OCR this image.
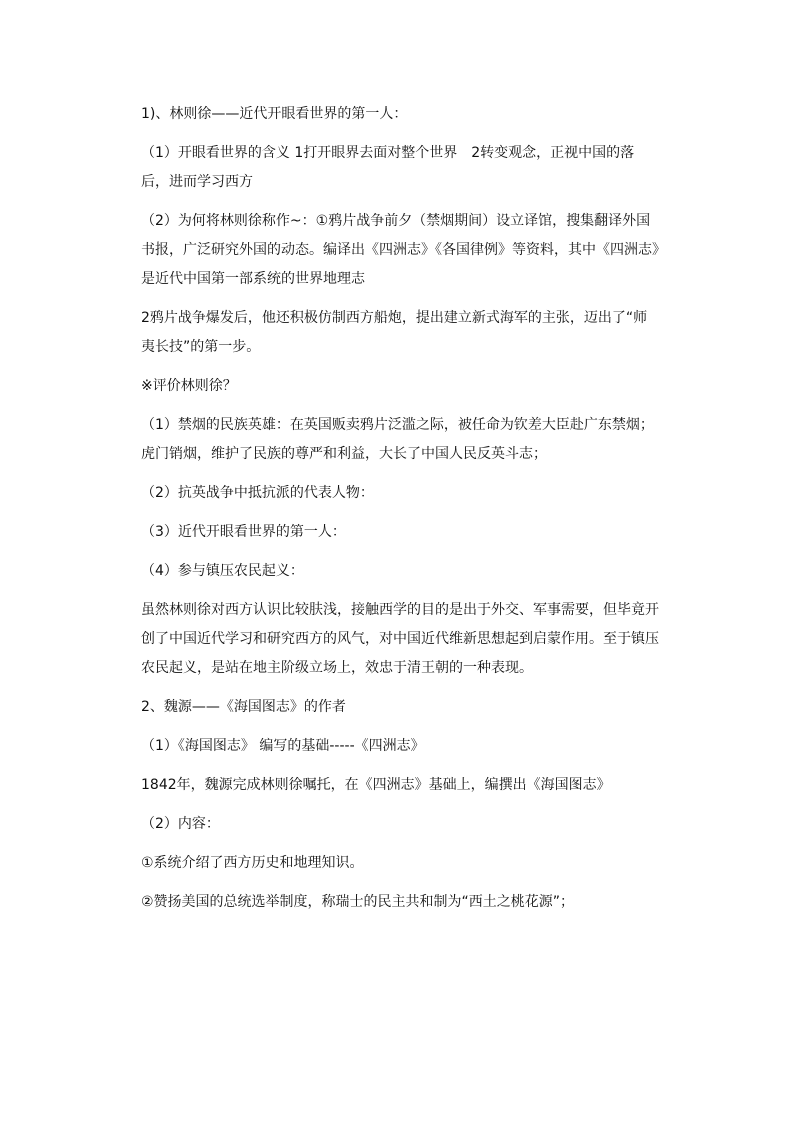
1)、林则徐——近代开眼看世界的第一人：

（1）开眼看世界的含义 1打开眼界去面对整个世界　2转变观念，正视中国的落后，进而学习西方

（2）为何将林则徐称作~：①鸦片战争前夕（禁烟期间）设立译馆，搜集翻译外国书报，广泛研究外国的动态。编译出《四洲志》《各国律例》等资料，其中《四洲志》是近代中国第一部系统的世界地理志

2鸦片战争爆发后，他还积极仿制西方船炮，提出建立新式海军的主张，迈出了“师夷长技”的第一步。

※评价林则徐？

（1）禁烟的民族英雄：在英国贩卖鸦片泛滥之际，被任命为钦差大臣赴广东禁烟；虎门销烟，维护了民族的尊严和利益，大长了中国人民反英斗志；

（2）抗英战争中抵抗派的代表人物：

（3）近代开眼看世界的第一人：

（4）参与镇压农民起义：

虽然林则徐对西方认识比较肤浅，接触西学的目的是出于外交、军事需要，但毕竟开创了中国近代学习和研究西方的风气，对中国近代维新思想起到启蒙作用。至于镇压农民起义，是站在地主阶级立场上，效忠于清王朝的一种表现。

2、魏源——《海国图志》的作者

（1）《海国图志》 编写的基础-----《四洲志》

1842年，魏源完成林则徐嘱托，在《四洲志》基础上，编撰出《海国图志》

（2）内容：

①系统介绍了西方历史和地理知识。

②赞扬美国的总统选举制度，称瑞士的民主共和制为“西土之桃花源”；
